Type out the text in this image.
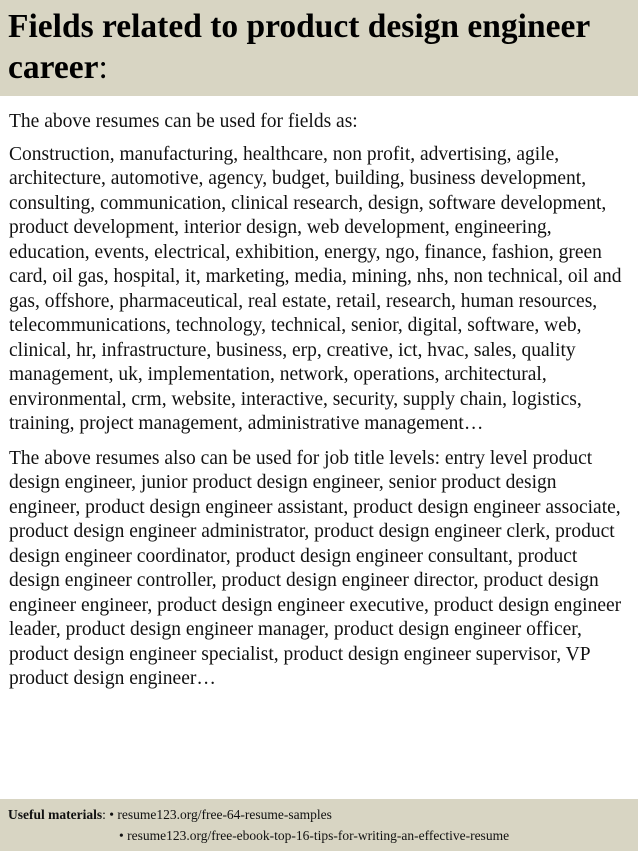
Fields related to product design engineer career:

The above resumes can be used for fields as:

Construction, manufacturing, healthcare, non profit, advertising, agile, architecture, automotive, agency, budget, building, business development, consulting, communication, clinical research, design, software development, product development, interior design, web development, engineering, education, events, electrical, exhibition, energy, ngo, finance, fashion, green card, oil gas, hospital, it, marketing, media, mining, nhs, non technical, oil and gas, offshore, pharmaceutical, real estate, retail, research, human resources, telecommunications, technology, technical, senior, digital, software, web, clinical, hr, infrastructure, business, erp, creative, ict, hvac, sales, quality management, uk, implementation, network, operations, architectural, environmental, crm, website, interactive, security, supply chain, logistics, training, project management, administrative management…

The above resumes also can be used for job title levels: entry level product design engineer, junior product design engineer, senior product design engineer, product design engineer assistant, product design engineer associate, product design engineer administrator, product design engineer clerk, product design engineer coordinator, product design engineer consultant, product design engineer controller, product design engineer director, product design engineer engineer, product design engineer executive, product design engineer leader, product design engineer manager, product design engineer officer, product design engineer specialist, product design engineer supervisor, VP product design engineer…

Useful materials :
• resume123.org/free-64-resume-samples
• resume123.org/free-ebook-top-16-tips-for-writing-an-effective-resume
